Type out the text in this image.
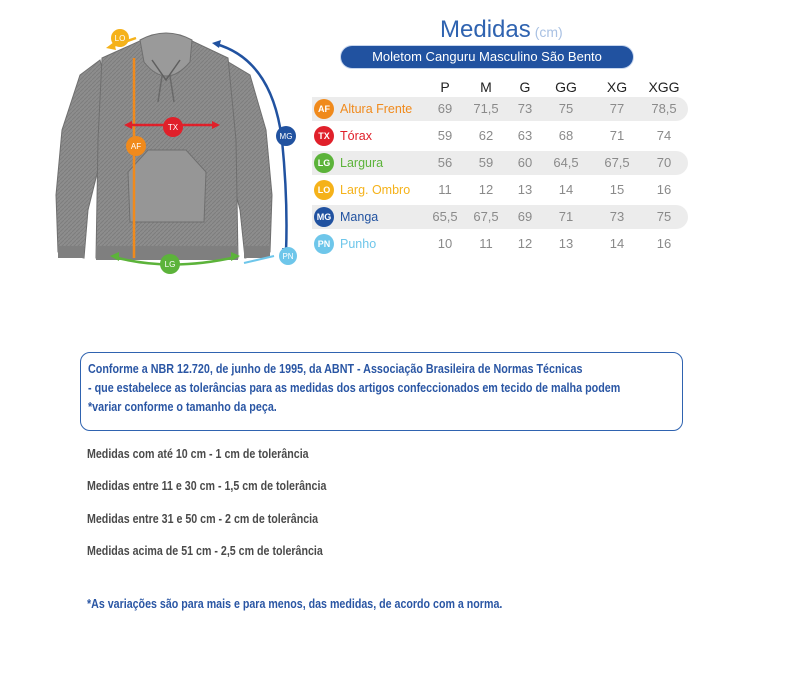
LO
TX
AF
LG
MG
PN
Medidas (cm)
Moletom Canguru Masculino São Bento
P	M	G	GG	XG	XGG
AF Altura Frente	69	71,5	73	75	77	78,5
TX Tórax	59	62	63	68	71	74
LG Largura	56	59	60	64,5	67,5	70
LO Larg. Ombro	11	12	13	14	15	16
MG Manga	65,5	67,5	69	71	73	75
PN Punho	10	11	12	13	14	16
Conforme a NBR 12.720, de junho de 1995, da ABNT - Associação Brasileira de Normas Técnicas
- que estabelece as tolerâncias para as medidas dos artigos confeccionados em tecido de malha podem
*variar conforme o tamanho da peça.
Medidas com até 10 cm - 1 cm de tolerância
Medidas entre 11 e 30 cm - 1,5 cm de tolerância
Medidas entre 31 e 50 cm - 2 cm de tolerância
Medidas acima de 51 cm - 2,5 cm de tolerância
*As variações são para mais e para menos, das medidas, de acordo com a norma.
